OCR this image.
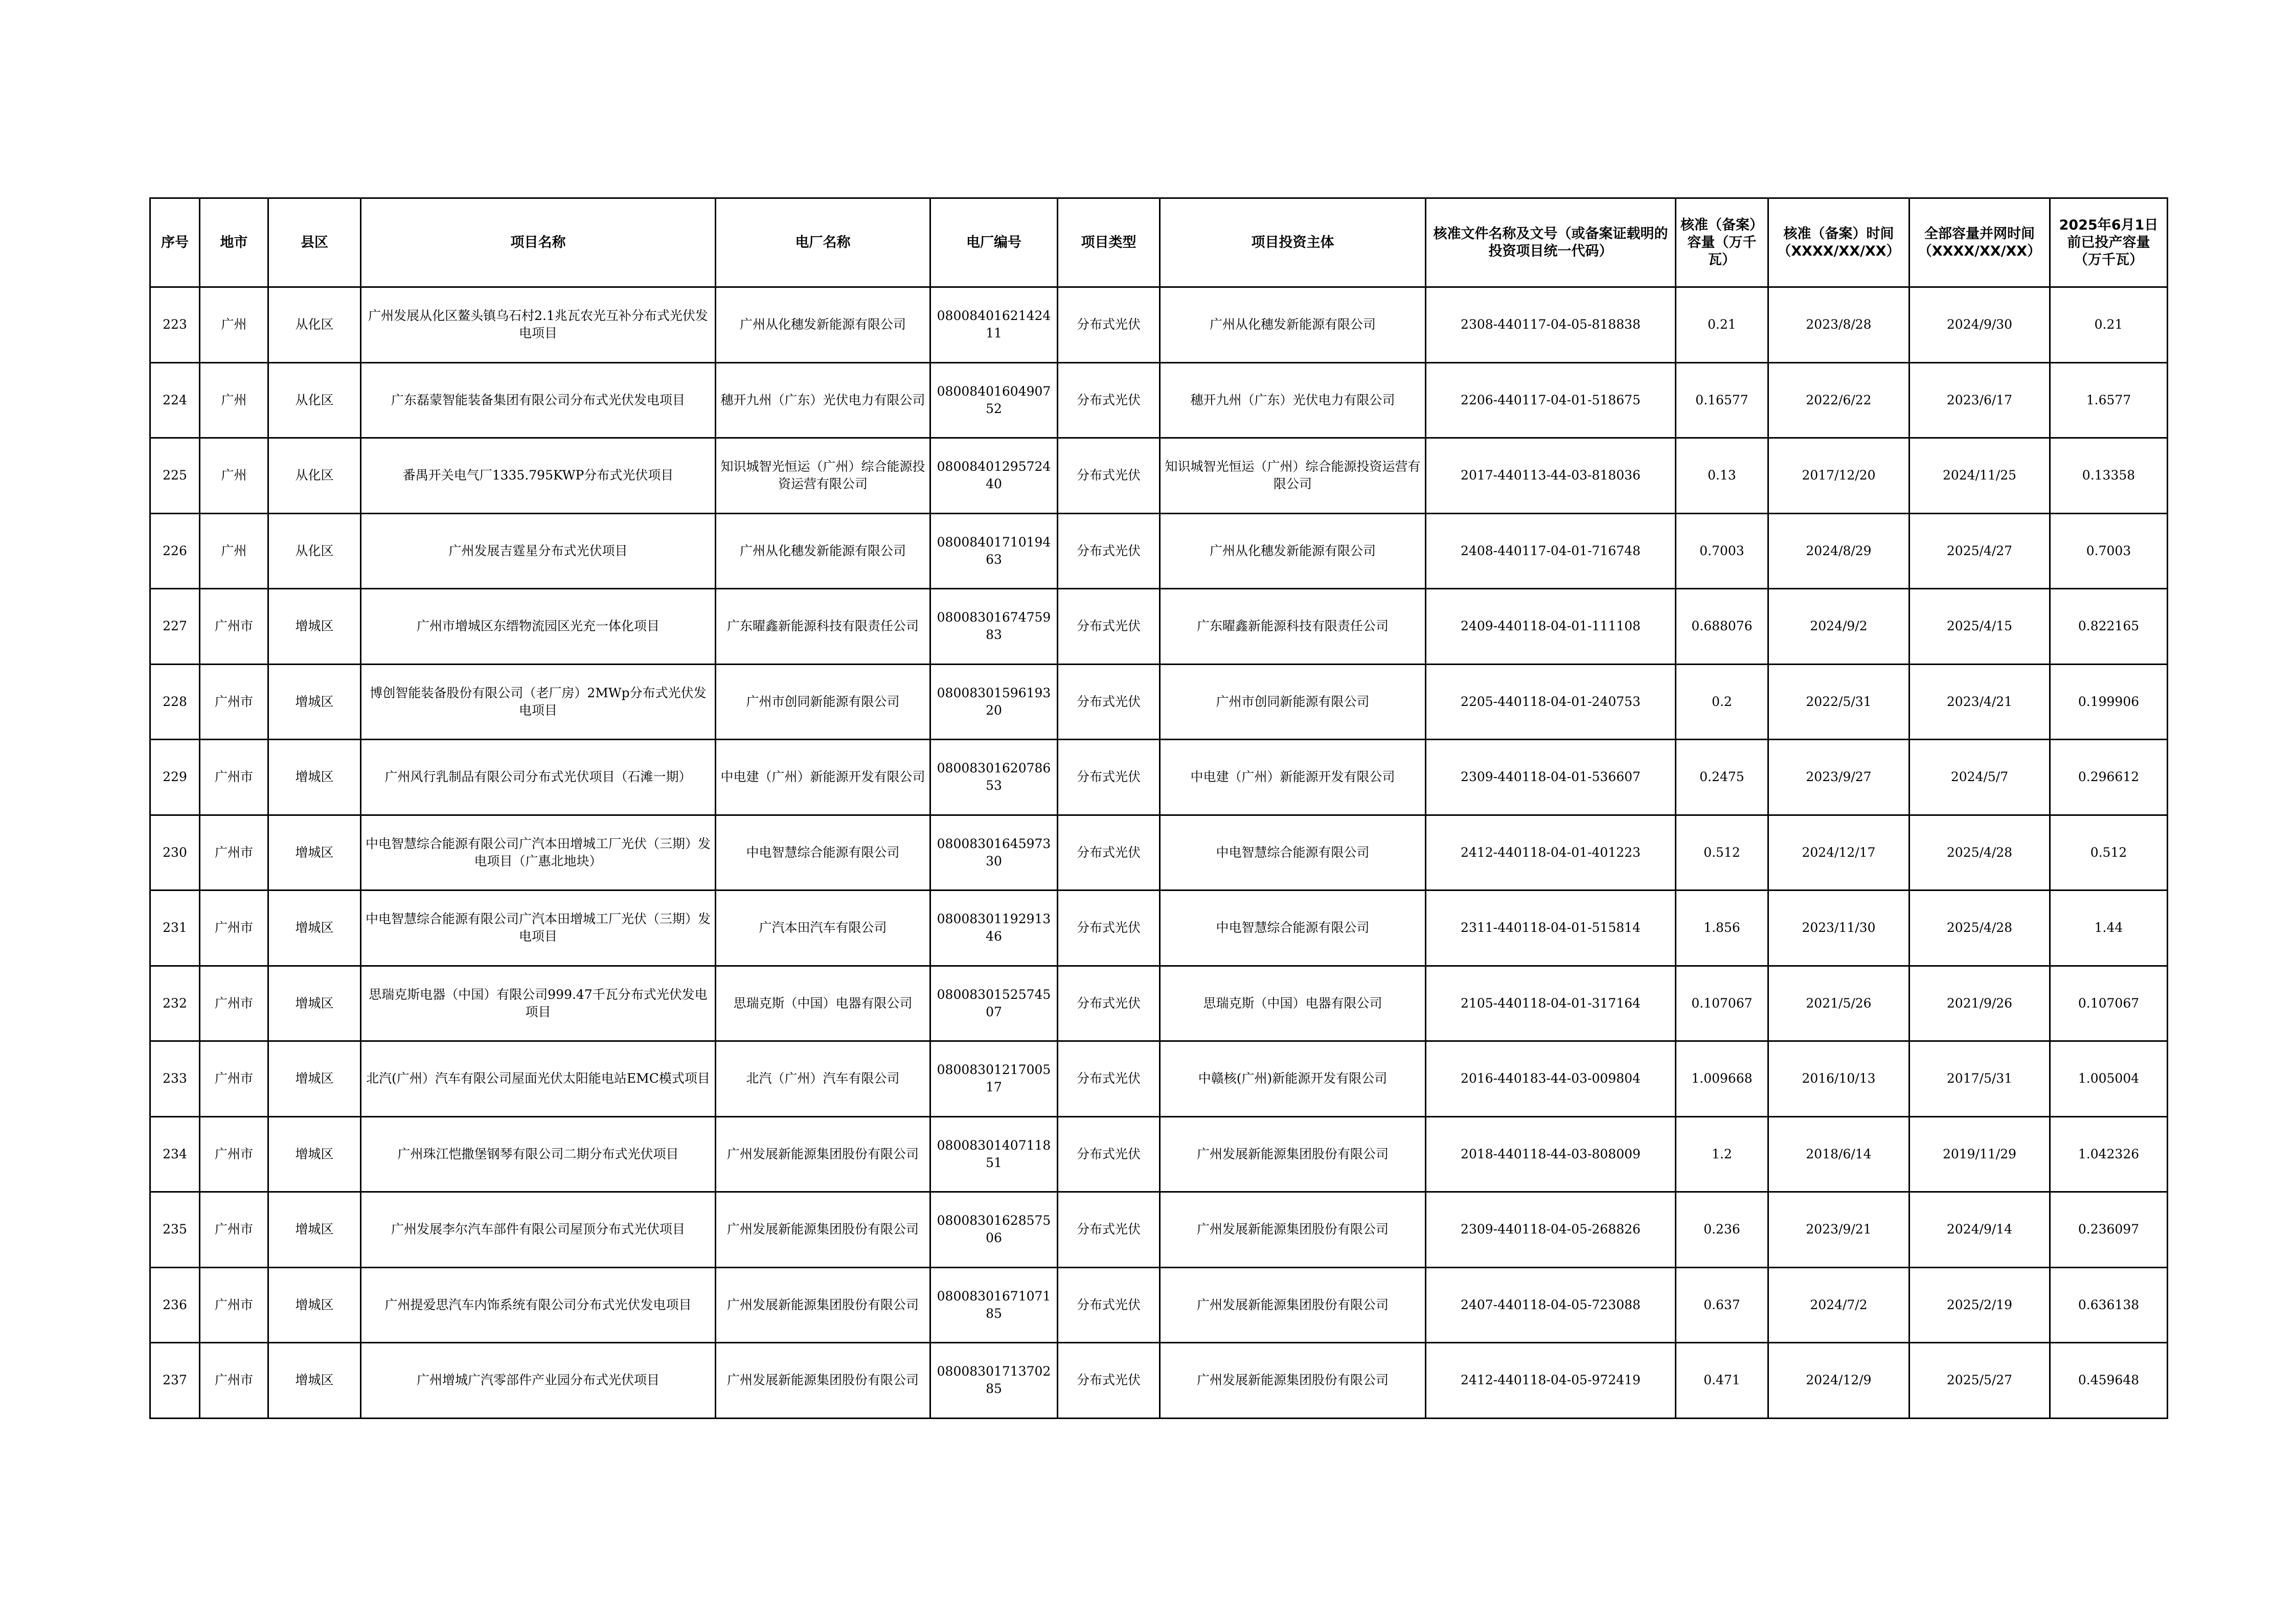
序号	地市	县区	项目名称	电厂名称	电厂编号	项目类型	项目投资主体	核准文件名称及文号（或备案证载明的投资项目统一代码）	核准（备案）容量（万千瓦）	核准（备案）时间（XXXX/XX/XX）	全部容量并网时间（XXXX/XX/XX）	2025年6月1日前已投产容量（万千瓦）
223	广州	从化区	广州发展从化区鳌头镇乌石村2.1兆瓦农光互补分布式光伏发电项目	广州从化穗发新能源有限公司	0800840162142411	分布式光伏	广州从化穗发新能源有限公司	2308-440117-04-05-818838	0.21	2023/8/28	2024/9/30	0.21
224	广州	从化区	广东磊蒙智能装备集团有限公司分布式光伏发电项目	穗开九州（广东）光伏电力有限公司	0800840160490752	分布式光伏	穗开九州（广东）光伏电力有限公司	2206-440117-04-01-518675	0.16577	2022/6/22	2023/6/17	1.6577
225	广州	从化区	番禺开关电气厂1335.795KWP分布式光伏项目	知识城智光恒运（广州）综合能源投资运营有限公司	0800840129572440	分布式光伏	知识城智光恒运（广州）综合能源投资运营有限公司	2017-440113-44-03-818036	0.13	2017/12/20	2024/11/25	0.13358
226	广州	从化区	广州发展吉霆星分布式光伏项目	广州从化穗发新能源有限公司	0800840171019463	分布式光伏	广州从化穗发新能源有限公司	2408-440117-04-01-716748	0.7003	2024/8/29	2025/4/27	0.7003
227	广州市	增城区	广州市增城区东缙物流园区光充一体化项目	广东曜鑫新能源科技有限责任公司	0800830167475983	分布式光伏	广东曜鑫新能源科技有限责任公司	2409-440118-04-01-111108	0.688076	2024/9/2	2025/4/15	0.822165
228	广州市	增城区	博创智能装备股份有限公司（老厂房）2MWp分布式光伏发电项目	广州市创同新能源有限公司	0800830159619320	分布式光伏	广州市创同新能源有限公司	2205-440118-04-01-240753	0.2	2022/5/31	2023/4/21	0.199906
229	广州市	增城区	广州风行乳制品有限公司分布式光伏项目（石滩一期）	中电建（广州）新能源开发有限公司	0800830162078653	分布式光伏	中电建（广州）新能源开发有限公司	2309-440118-04-01-536607	0.2475	2023/9/27	2024/5/7	0.296612
230	广州市	增城区	中电智慧综合能源有限公司广汽本田增城工厂光伏（三期）发电项目（广惠北地块）	中电智慧综合能源有限公司	0800830164597330	分布式光伏	中电智慧综合能源有限公司	2412-440118-04-01-401223	0.512	2024/12/17	2025/4/28	0.512
231	广州市	增城区	中电智慧综合能源有限公司广汽本田增城工厂光伏（三期）发电项目	广汽本田汽车有限公司	0800830119291346	分布式光伏	中电智慧综合能源有限公司	2311-440118-04-01-515814	1.856	2023/11/30	2025/4/28	1.44
232	广州市	增城区	思瑞克斯电器（中国）有限公司999.47千瓦分布式光伏发电项目	思瑞克斯（中国）电器有限公司	0800830152574507	分布式光伏	思瑞克斯（中国）电器有限公司	2105-440118-04-01-317164	0.107067	2021/5/26	2021/9/26	0.107067
233	广州市	增城区	北汽(广州）汽车有限公司屋面光伏太阳能电站EMC模式项目	北汽（广州）汽车有限公司	0800830121700517	分布式光伏	中赣核(广州)新能源开发有限公司	2016-440183-44-03-009804	1.009668	2016/10/13	2017/5/31	1.005004
234	广州市	增城区	广州珠江恺撒堡钢琴有限公司二期分布式光伏项目	广州发展新能源集团股份有限公司	0800830140711851	分布式光伏	广州发展新能源集团股份有限公司	2018-440118-44-03-808009	1.2	2018/6/14	2019/11/29	1.042326
235	广州市	增城区	广州发展李尔汽车部件有限公司屋顶分布式光伏项目	广州发展新能源集团股份有限公司	0800830162857506	分布式光伏	广州发展新能源集团股份有限公司	2309-440118-04-05-268826	0.236	2023/9/21	2024/9/14	0.236097
236	广州市	增城区	广州提爱思汽车内饰系统有限公司分布式光伏发电项目	广州发展新能源集团股份有限公司	0800830167107185	分布式光伏	广州发展新能源集团股份有限公司	2407-440118-04-05-723088	0.637	2024/7/2	2025/2/19	0.636138
237	广州市	增城区	广州增城广汽零部件产业园分布式光伏项目	广州发展新能源集团股份有限公司	0800830171370285	分布式光伏	广州发展新能源集团股份有限公司	2412-440118-04-05-972419	0.471	2024/12/9	2025/5/27	0.459648
